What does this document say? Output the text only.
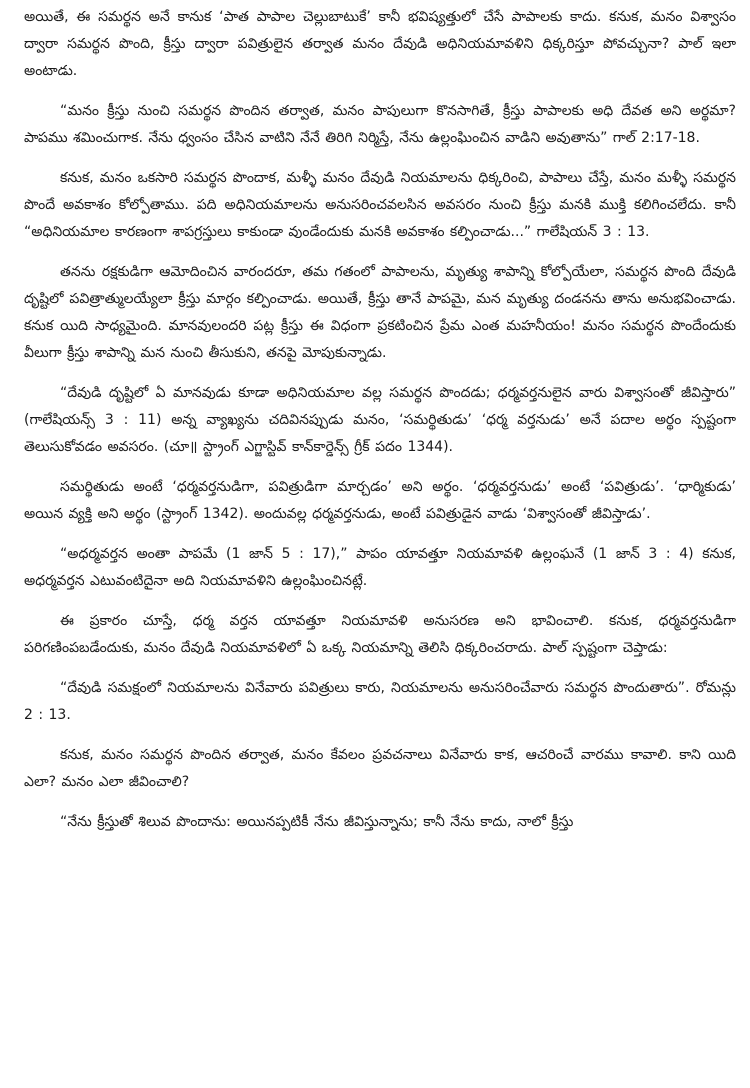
అయితే, ఈ సమర్థన అనే కానుక ‘పాత పాపాల చెల్లుబాటుకే’ కానీ భవిష్యత్తులో చేసే పాపాలకు కాదు. కనుక, మనం విశ్వాసం ద్వారా సమర్థన పొంది, క్రీస్తు ద్వారా పవిత్రులైన తర్వాత మనం దేవుడి అధినియమావళిని ధిక్కరిస్తూ పోవచ్చునా? పాల్ ఇలా అంటాడు.

“మనం క్రీస్తు నుంచి సమర్థన పొందిన తర్వాత, మనం పాపులుగా కొనసాగితే, క్రీస్తు పాపాలకు అధి దేవత అని అర్థమా? పాపము శమించుగాక. నేను ధ్వంసం చేసిన వాటిని నేనే తిరిగి నిర్మిస్తే, నేను ఉల్లంఘించిన వాడిని అవుతాను” గాల్ 2:17-18.

కనుక, మనం ఒకసారి సమర్థన పొందాక, మళ్ళీ మనం దేవుడి నియమాలను ధిక్కరించి, పాపాలు చేస్తే, మనం మళ్ళీ సమర్థన పొందే అవకాశం కోల్పోతాము. పది అధినియమాలను అనుసరించవలసిన అవసరం నుంచి క్రీస్తు మనకి ముక్తి కలిగించలేదు. కానీ “అధినియమాల కారణంగా శాపగ్రస్తులు కాకుండా వుండేందుకు మనకి అవకాశం కల్పించాడు...” గాలేషియన్ 3 : 13.

తనను రక్షకుడిగా ఆమోదించిన వారందరూ, తమ గతంలో పాపాలను, మృత్యు శాపాన్ని కోల్పోయేలా, సమర్థన పొంది దేవుడి దృష్టిలో పవిత్రాత్ములయ్యేలా క్రీస్తు మార్గం కల్పించాడు. అయితే, క్రీస్తు తానే పాపమై, మన మృత్యు దండనను తాను అనుభవించాడు. కనుక యిది సాధ్యమైంది. మానవులందరి పట్ల క్రీస్తు ఈ విధంగా ప్రకటించిన ప్రేమ ఎంత మహనీయం! మనం సమర్థన పొందేందుకు వీలుగా క్రీస్తు శాపాన్ని మన నుంచి తీసుకుని, తనపై మోపుకున్నాడు.

“దేవుడి దృష్టిలో ఏ మానవుడు కూడా అధినియమాల వల్ల సమర్థన పొందడు; ధర్మవర్తనులైన వారు విశ్వాసంతో జీవిస్తారు” (గాలేషియన్స్ 3 : 11) అన్న వ్యాఖ్యను చదివినప్పుడు మనం, ‘సమర్థితుడు’ ‘ధర్మ వర్తనుడు’ అనే పదాల అర్థం స్పష్టంగా తెలుసుకోవడం అవసరం. (చూ॥ స్ట్రాంగ్ ఎగ్జాస్టివ్ కాన్‌కార్డెన్స్ గ్రీక్ పదం 1344).

సమర్థితుడు అంటే ‘ధర్మవర్తనుడిగా, పవిత్రుడిగా మార్చడం’ అని అర్థం. ‘ధర్మవర్తనుడు’ అంటే ‘పవిత్రుడు’. ‘ధార్మికుడు’ అయిన వ్యక్తి అని అర్థం (స్ట్రాంగ్ 1342). అందువల్ల ధర్మవర్తనుడు, అంటే పవిత్రుడైన వాడు ‘విశ్వాసంతో జీవిస్తాడు’.

“అధర్మవర్తన అంతా పాపమే (1 జాన్ 5 : 17),” పాపం యావత్తూ నియమావళి ఉల్లంఘనే (1 జాన్ 3 : 4) కనుక, అధర్మవర్తన ఎటువంటిదైనా అది నియమావళిని ఉల్లంఘించినట్లే.

ఈ ప్రకారం చూస్తే, ధర్మ వర్తన యావత్తూ నియమావళి అనుసరణ అని భావించాలి. కనుక, ధర్మవర్తనుడిగా పరిగణింపబడేందుకు, మనం దేవుడి నియమావళిలో ఏ ఒక్క నియమాన్ని తెలిసి ధిక్కరించరాదు. పాల్ స్పష్టంగా చెప్తాడు:

“దేవుడి సమక్షంలో నియమాలను వినేవారు పవిత్రులు కారు, నియమాలను అనుసరించేవారు సమర్థన పొందుతారు”. రోమన్లు 2 : 13.

కనుక, మనం సమర్థన పొందిన తర్వాత, మనం కేవలం ప్రవచనాలు వినేవారు కాక, ఆచరించే వారము కావాలి. కాని యిది ఎలా? మనం ఎలా జీవించాలి?

“నేను క్రీస్తుతో శిలువ పొందాను: అయినప్పటికీ నేను జీవిస్తున్నాను; కానీ నేను కాదు, నాలో క్రీస్తు
